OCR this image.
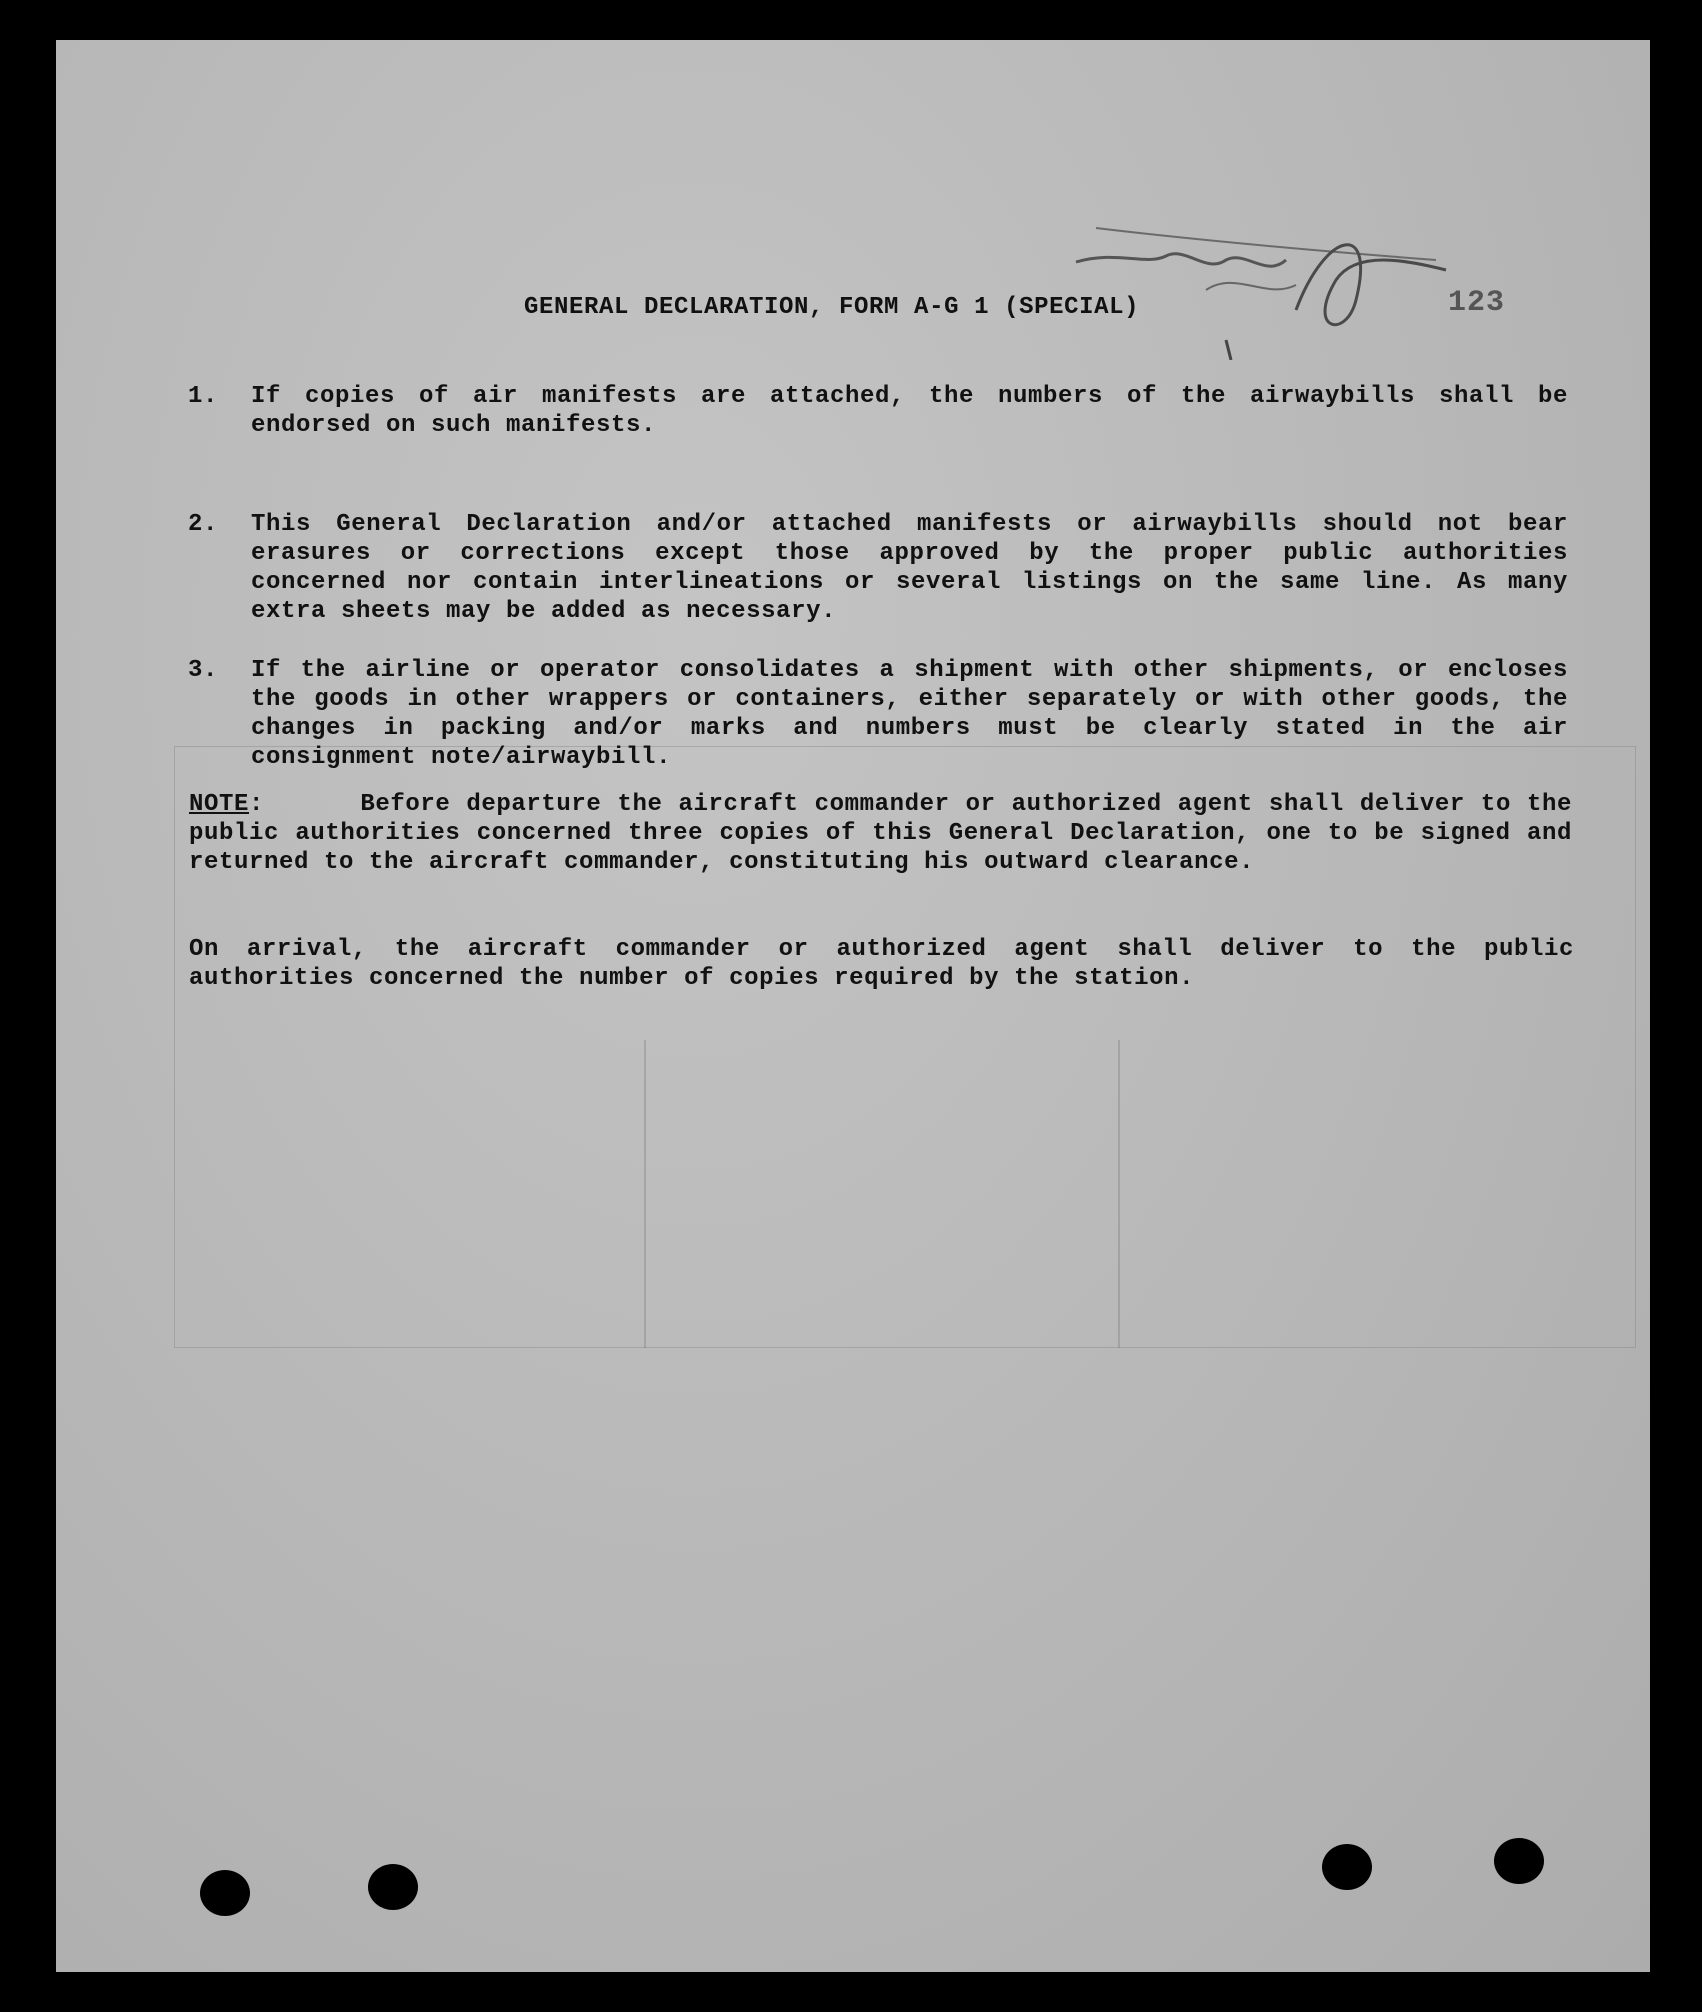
123
GENERAL DECLARATION, FORM A-G 1 (SPECIAL)
1.	If copies of air manifests are attached, the numbers of the airwaybills shall be endorsed on such manifests.
2.	This General Declaration and/or attached manifests or airwaybills should not bear erasures or corrections except those approved by the proper public authorities concerned nor contain interlineations or several listings on the same line. As many extra sheets may be added as necessary.
3.	If the airline or operator consolidates a shipment with other shipments, or encloses the goods in other wrappers or containers, either separately or with other goods, the changes in packing and/or marks and numbers must be clearly stated in the air consignment note/airwaybill.
NOTE:      Before departure the aircraft commander or authorized agent shall deliver to the public authorities concerned three copies of this General Declaration, one to be signed and returned to the aircraft commander, constituting his outward clearance.
On arrival, the aircraft commander or authorized agent shall deliver to the public authorities concerned the number of copies required by the station.
